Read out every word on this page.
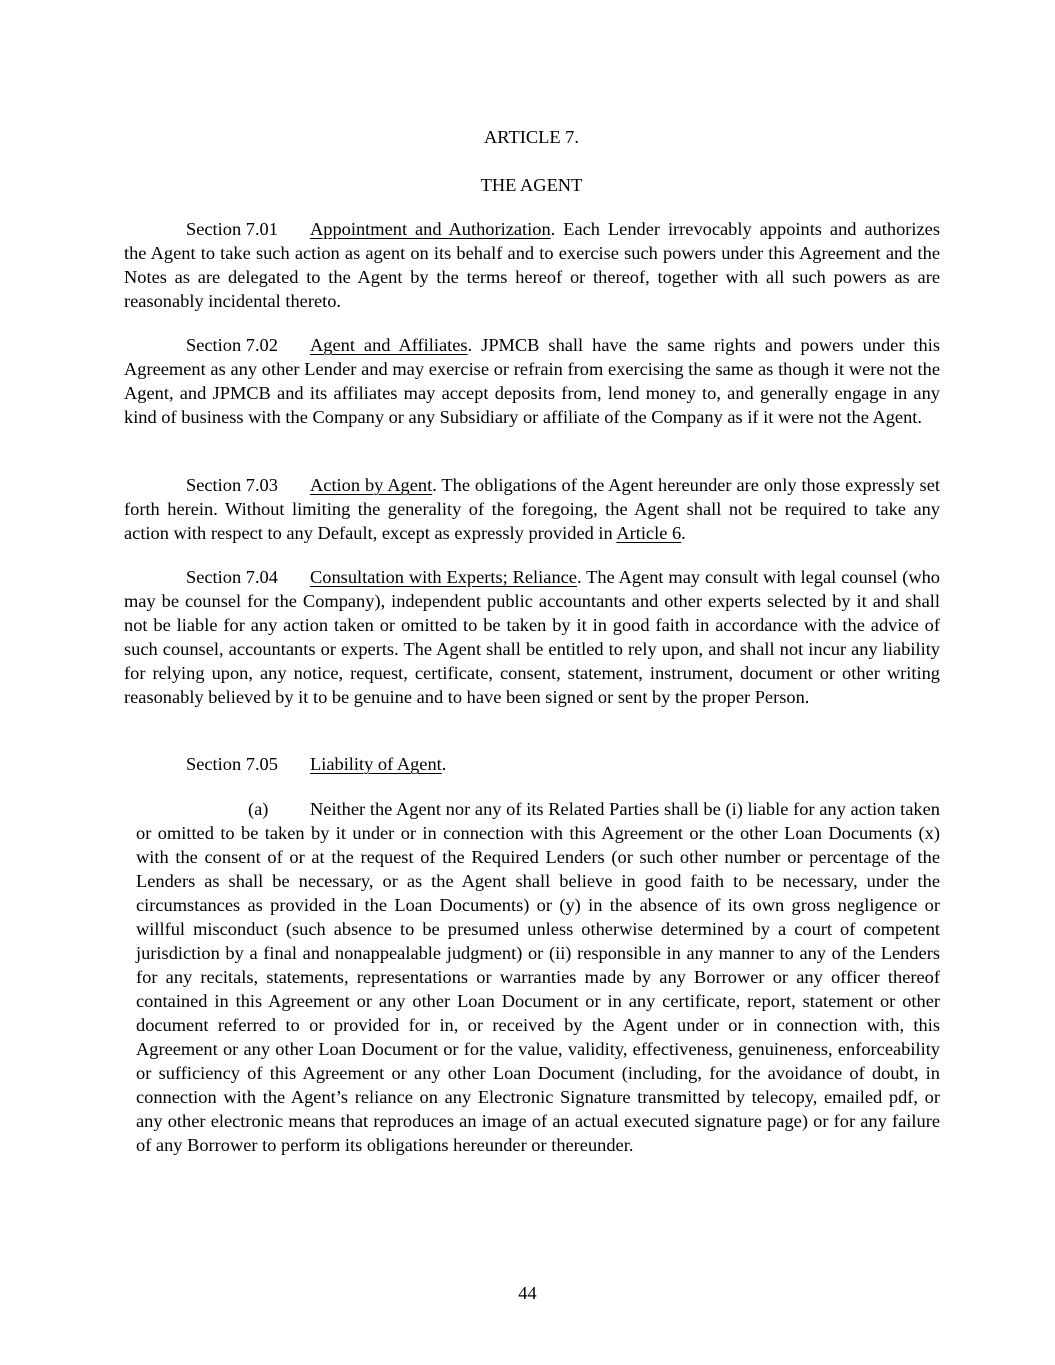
ARTICLE 7.
THE AGENT

Section 7.01 Appointment and Authorization. Each Lender irrevocably appoints and authorizes the Agent to take such action as agent on its behalf and to exercise such powers under this Agreement and the Notes as are delegated to the Agent by the terms hereof or thereof, together with all such powers as are reasonably incidental thereto.

Section 7.02 Agent and Affiliates. JPMCB shall have the same rights and powers under this Agreement as any other Lender and may exercise or refrain from exercising the same as though it were not the Agent, and JPMCB and its affiliates may accept deposits from, lend money to, and generally engage in any kind of business with the Company or any Subsidiary or affiliate of the Company as if it were not the Agent.

Section 7.03 Action by Agent. The obligations of the Agent hereunder are only those expressly set forth herein. Without limiting the generality of the foregoing, the Agent shall not be required to take any action with respect to any Default, except as expressly provided in Article 6.

Section 7.04 Consultation with Experts; Reliance. The Agent may consult with legal counsel (who may be counsel for the Company), independent public accountants and other experts selected by it and shall not be liable for any action taken or omitted to be taken by it in good faith in accordance with the advice of such counsel, accountants or experts. The Agent shall be entitled to rely upon, and shall not incur any liability for relying upon, any notice, request, certificate, consent, statement, instrument, document or other writing reasonably believed by it to be genuine and to have been signed or sent by the proper Person.

Section 7.05 Liability of Agent.

(a) Neither the Agent nor any of its Related Parties shall be (i) liable for any action taken or omitted to be taken by it under or in connection with this Agreement or the other Loan Documents (x) with the consent of or at the request of the Required Lenders (or such other number or percentage of the Lenders as shall be necessary, or as the Agent shall believe in good faith to be necessary, under the circumstances as provided in the Loan Documents) or (y) in the absence of its own gross negligence or willful misconduct (such absence to be presumed unless otherwise determined by a court of competent jurisdiction by a final and nonappealable judgment) or (ii) responsible in any manner to any of the Lenders for any recitals, statements, representations or warranties made by any Borrower or any officer thereof contained in this Agreement or any other Loan Document or in any certificate, report, statement or other document referred to or provided for in, or received by the Agent under or in connection with, this Agreement or any other Loan Document or for the value, validity, effectiveness, genuineness, enforceability or sufficiency of this Agreement or any other Loan Document (including, for the avoidance of doubt, in connection with the Agent’s reliance on any Electronic Signature transmitted by telecopy, emailed pdf, or any other electronic means that reproduces an image of an actual executed signature page) or for any failure of any Borrower to perform its obligations hereunder or thereunder.

44
